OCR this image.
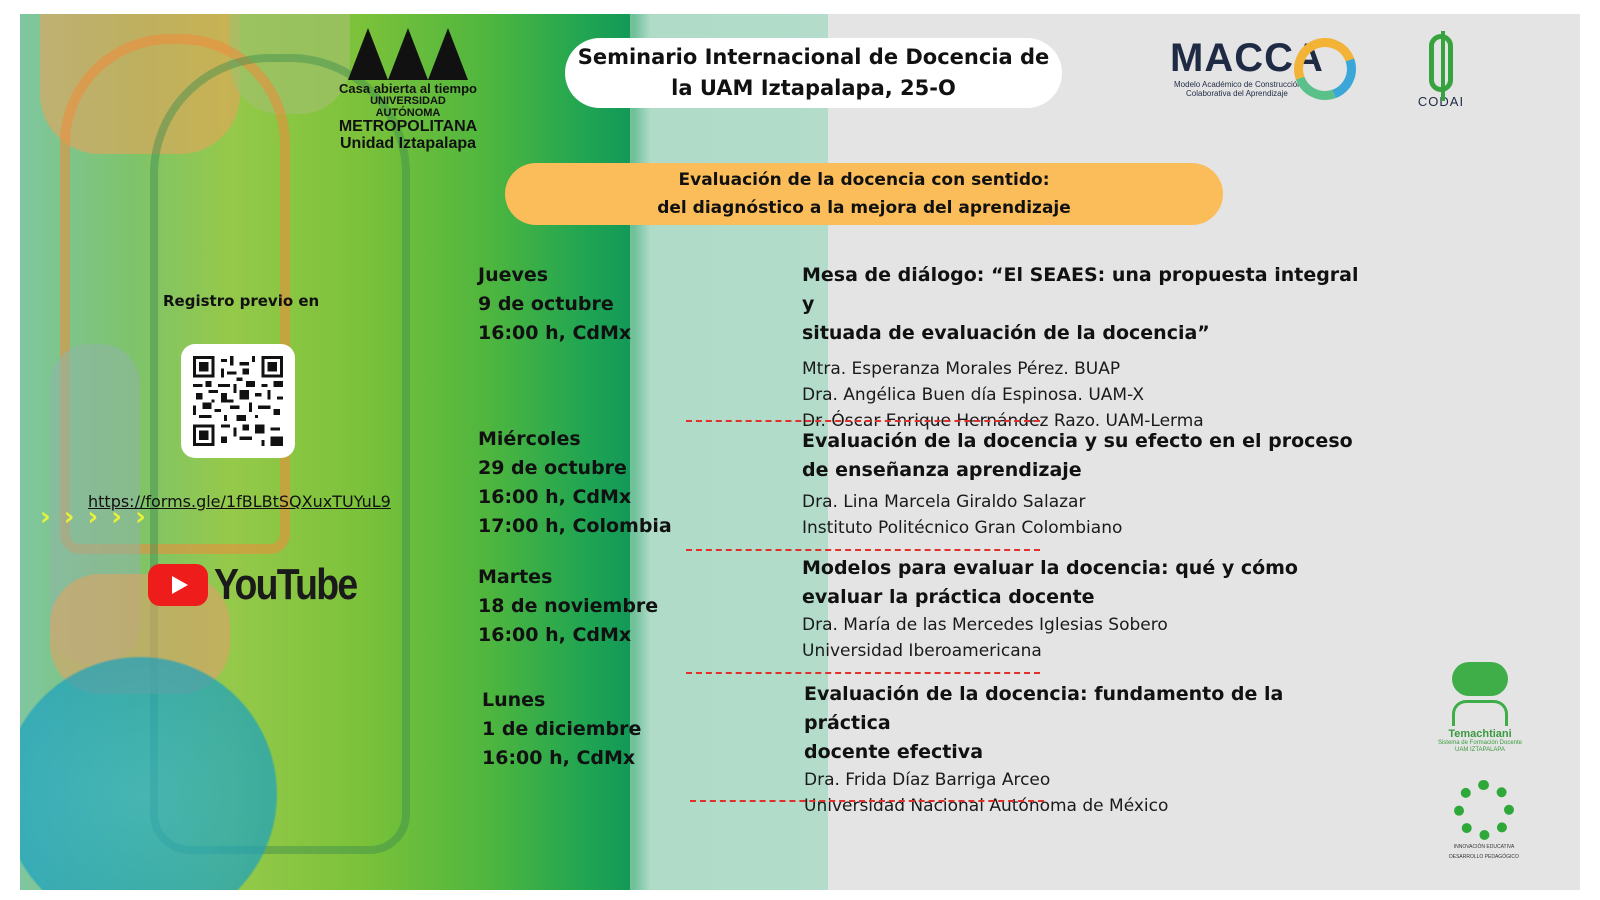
› › › › ›
Casa abierta al tiempo
UNIVERSIDAD AUTÓNOMA
METROPOLITANA
Unidad Iztapalapa
Seminario Internacional de Docencia de la UAM Iztapalapa, 25-O
Evaluación de la docencia con sentido:
del diagnóstico a la mejora del aprendizaje
MACCA
Modelo Académico de Construcción
Colaborativa del Aprendizaje
CODAI
Registro previo en
https://forms.gle/1fBLBtSQXuxTUYuL9
YouTube
Jueves
9 de octubre
16:00 h, CdMx
Mesa de diálogo: “El SEAES: una propuesta integral y
situada de evaluación de la docencia”

Mtra. Esperanza Morales Pérez. BUAP

Dra. Angélica Buen día Espinosa. UAM-X

Dr. Óscar Enrique Hernández Razo. UAM-Lerma

Miércoles
29 de octubre
16:00 h, CdMx
17:00 h, Colombia
Evaluación de la docencia y su efecto en el proceso
de enseñanza aprendizaje

Dra. Lina Marcela Giraldo Salazar

Instituto Politécnico Gran Colombiano

Martes
18 de noviembre
16:00 h, CdMx
Modelos para evaluar la docencia: qué y cómo
evaluar la práctica docente

Dra. María de las Mercedes Iglesias Sobero

Universidad Iberoamericana

Lunes
1 de diciembre
16:00 h, CdMx
Evaluación de la docencia: fundamento de la práctica
docente efectiva

Dra. Frida Díaz Barriga Arceo

Universidad Nacional Autónoma de México

Temachtiani
Sistema de Formación Docente
UAM IZTAPALAPA
INNOVACIÓN EDUCATIVA
DESARROLLO PEDAGÓGICO
